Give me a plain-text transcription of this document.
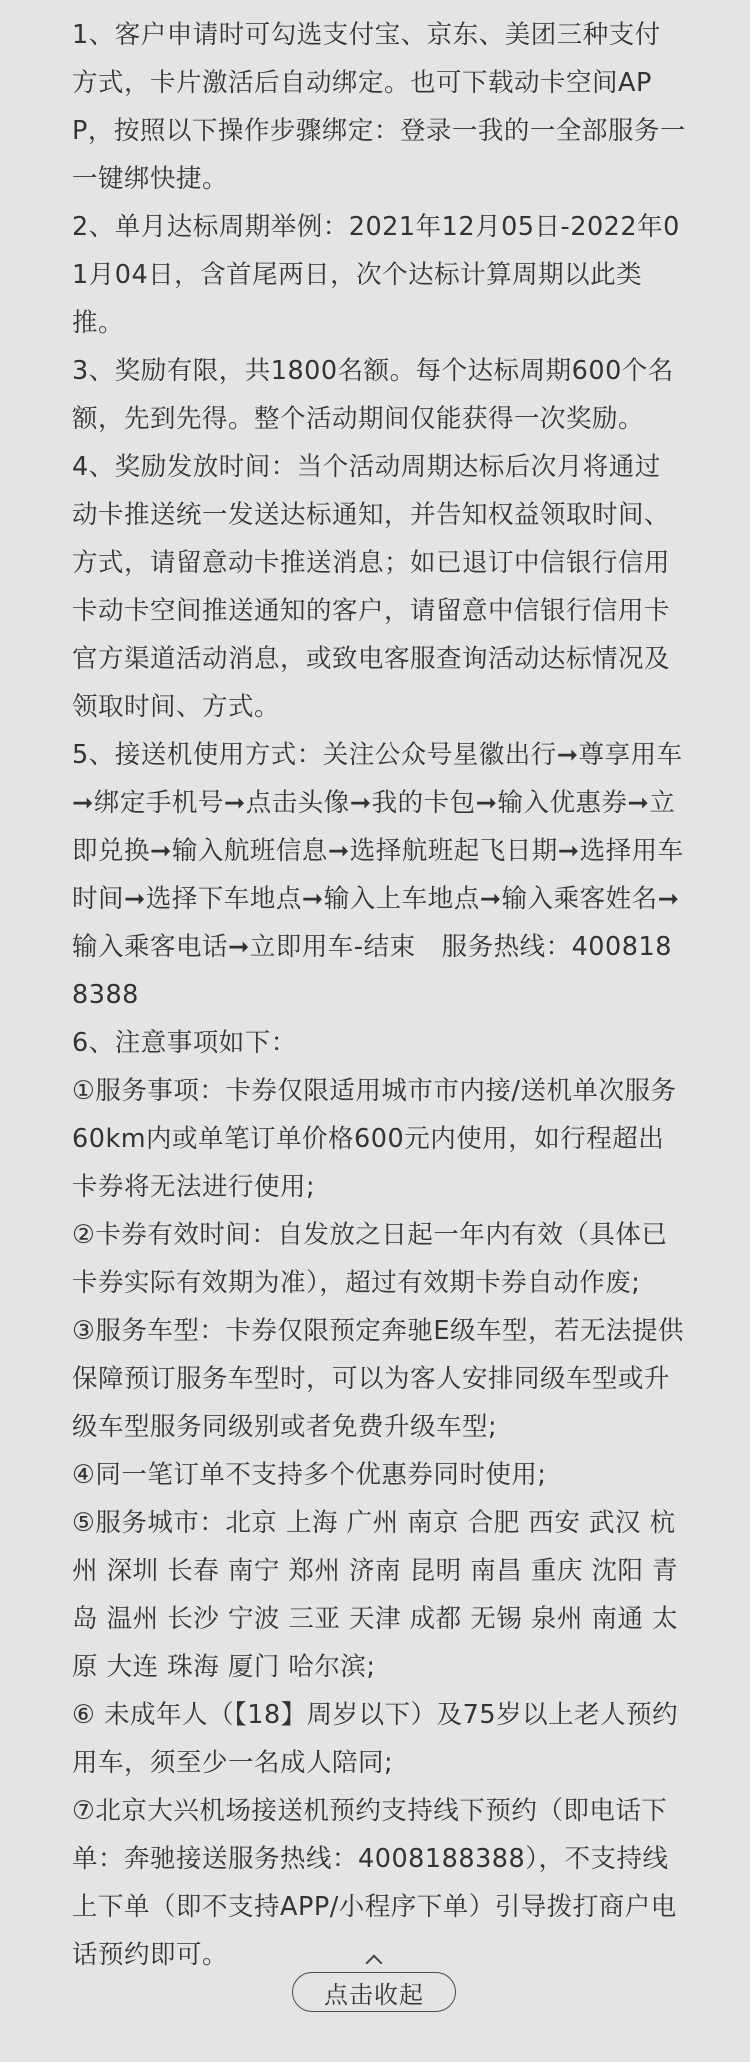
1、客户申请时可勾选支付宝、京东、美团三种支付方式，卡片激活后自动绑定。也可下载动卡空间APP，按照以下操作步骤绑定：登录一我的一全部服务一一键绑快捷。

2、单月达标周期举例：2021年12月05日-2022年01月04日，含首尾两日，次个达标计算周期以此类推。

3、奖励有限，共1800名额。每个达标周期600个名额，先到先得。整个活动期间仅能获得一次奖励。

4、奖励发放时间：当个活动周期达标后次月将通过动卡推送统一发送达标通知，并告知权益领取时间、方式，请留意动卡推送消息；如已退订中信银行信用卡动卡空间推送通知的客户，请留意中信银行信用卡官方渠道活动消息，或致电客服查询活动达标情况及领取时间、方式。

5、接送机使用方式：关注公众号星徽出行➞尊享用车➞绑定手机号➞点击头像➞我的卡包➞输入优惠券➞立即兑换➞输入航班信息➞选择航班起飞日期➞选择用车时间➞选择下车地点➞输入上车地点➞输入乘客姓名➞输入乘客电话➞立即用车-结束　服务热线：4008188388

6、注意事项如下：

①服务事项：卡券仅限适用城市市内接/送机单次服务60km内或单笔订单价格600元内使用，如行程超出卡券将无法进行使用;

②卡券有效时间：自发放之日起一年内有效（具体已卡券实际有效期为准），超过有效期卡券自动作废;

③服务车型：卡券仅限预定奔驰E级车型，若无法提供保障预订服务车型时，可以为客人安排同级车型或升级车型服务同级别或者免费升级车型;

④同一笔订单不支持多个优惠券同时使用;

⑤服务城市：北京 上海 广州 南京 合肥 西安 武汉 杭州 深圳 长春 南宁 郑州 济南 昆明 南昌 重庆 沈阳 青岛 温州 长沙 宁波 三亚 天津 成都 无锡 泉州 南通 太原 大连 珠海 厦门 哈尔滨;

⑥ 未成年人（【18】周岁以下）及75岁以上老人预约用车，须至少一名成人陪同;

⑦北京大兴机场接送机预约支持线下预约（即电话下单：奔驰接送服务热线：4008188388），不支持线上下单（即不支持APP/小程序下单）引导拨打商户电话预约即可。

点击收起
